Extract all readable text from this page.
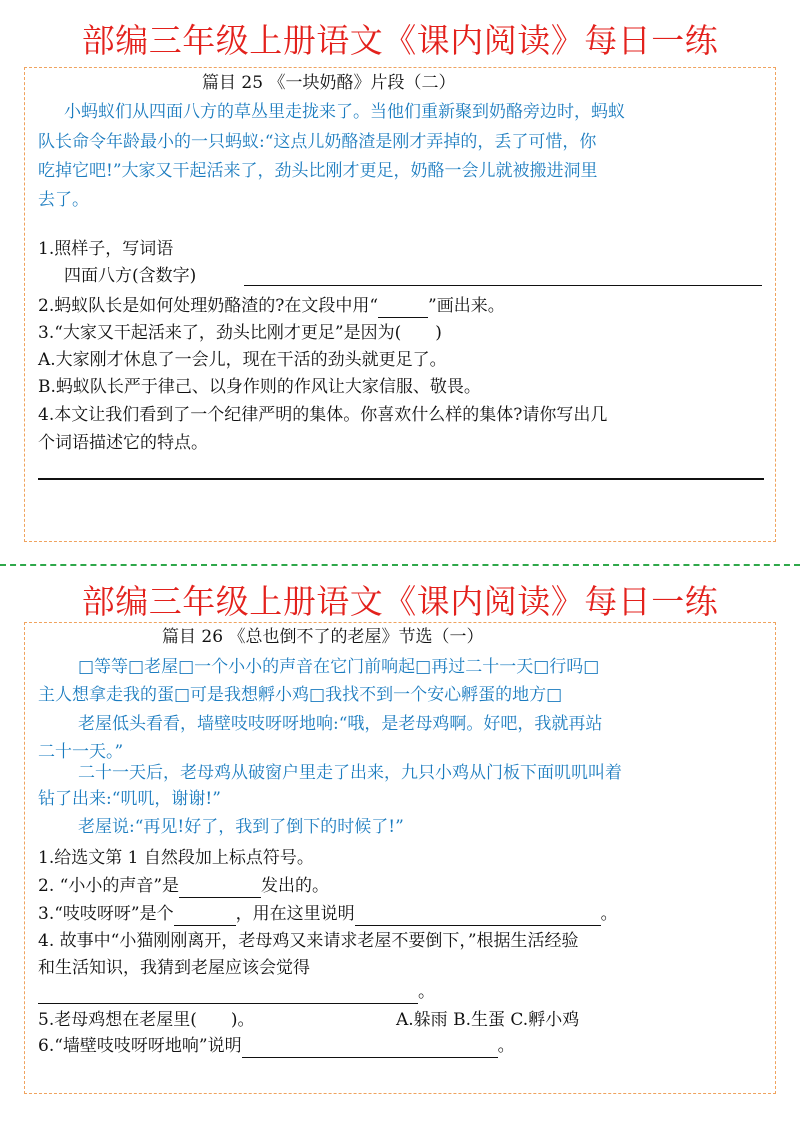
部编三年级上册语文《课内阅读》每日一练
篇目 25 《一块奶酪》片段（二）
小蚂蚁们从四面八方的草丛里走拢来了。当他们重新聚到奶酪旁边时，蚂蚁
队长命令年龄最小的一只蚂蚁:“这点儿奶酪渣是刚才弄掉的，丢了可惜，你
吃掉它吧!”大家又干起活来了，劲头比刚才更足，奶酪一会儿就被搬进洞里
去了。
1.照样子，写词语
四面八方(含数字)
2.蚂蚁队长是如何处理奶酪渣的?在文段中用“	”画出来。
3.“大家又干起活来了，劲头比刚才更足”是因为(　　)
A.大家刚才休息了一会儿，现在干活的劲头就更足了。
B.蚂蚁队长严于律己、以身作则的作风让大家信服、敬畏。
4.本文让我们看到了一个纪律严明的集体。你喜欢什么样的集体?请你写出几
个词语描述它的特点。
部编三年级上册语文《课内阅读》每日一练
篇目 26 《总也倒不了的老屋》节选（一）
□等等□老屋□一个小小的声音在它门前响起□再过二十一天□行吗□
主人想拿走我的蛋□可是我想孵小鸡□我找不到一个安心孵蛋的地方□
老屋低头看看，墙壁吱吱呀呀地响:“哦，是老母鸡啊。好吧，我就再站
二十一天。”
二十一天后，老母鸡从破窗户里走了出来，九只小鸡从门板下面叽叽叫着
钻了出来:“叽叽，谢谢!”
老屋说:“再见!好了，我到了倒下的时候了!”
1.给选文第 1 自然段加上标点符号。
2. “小小的声音”是	发出的。
3.“吱吱呀呀”是个	，用在这里说明	。
4. 故事中“小猫刚刚离开，老母鸡又来请求老屋不要倒下，”根据生活经验
和生活知识，我猜到老屋应该会觉得
。
5.老母鸡想在老屋里(　　)。	A.躲雨 B.生蛋 C.孵小鸡
6.“墙壁吱吱呀呀地响”说明	。
